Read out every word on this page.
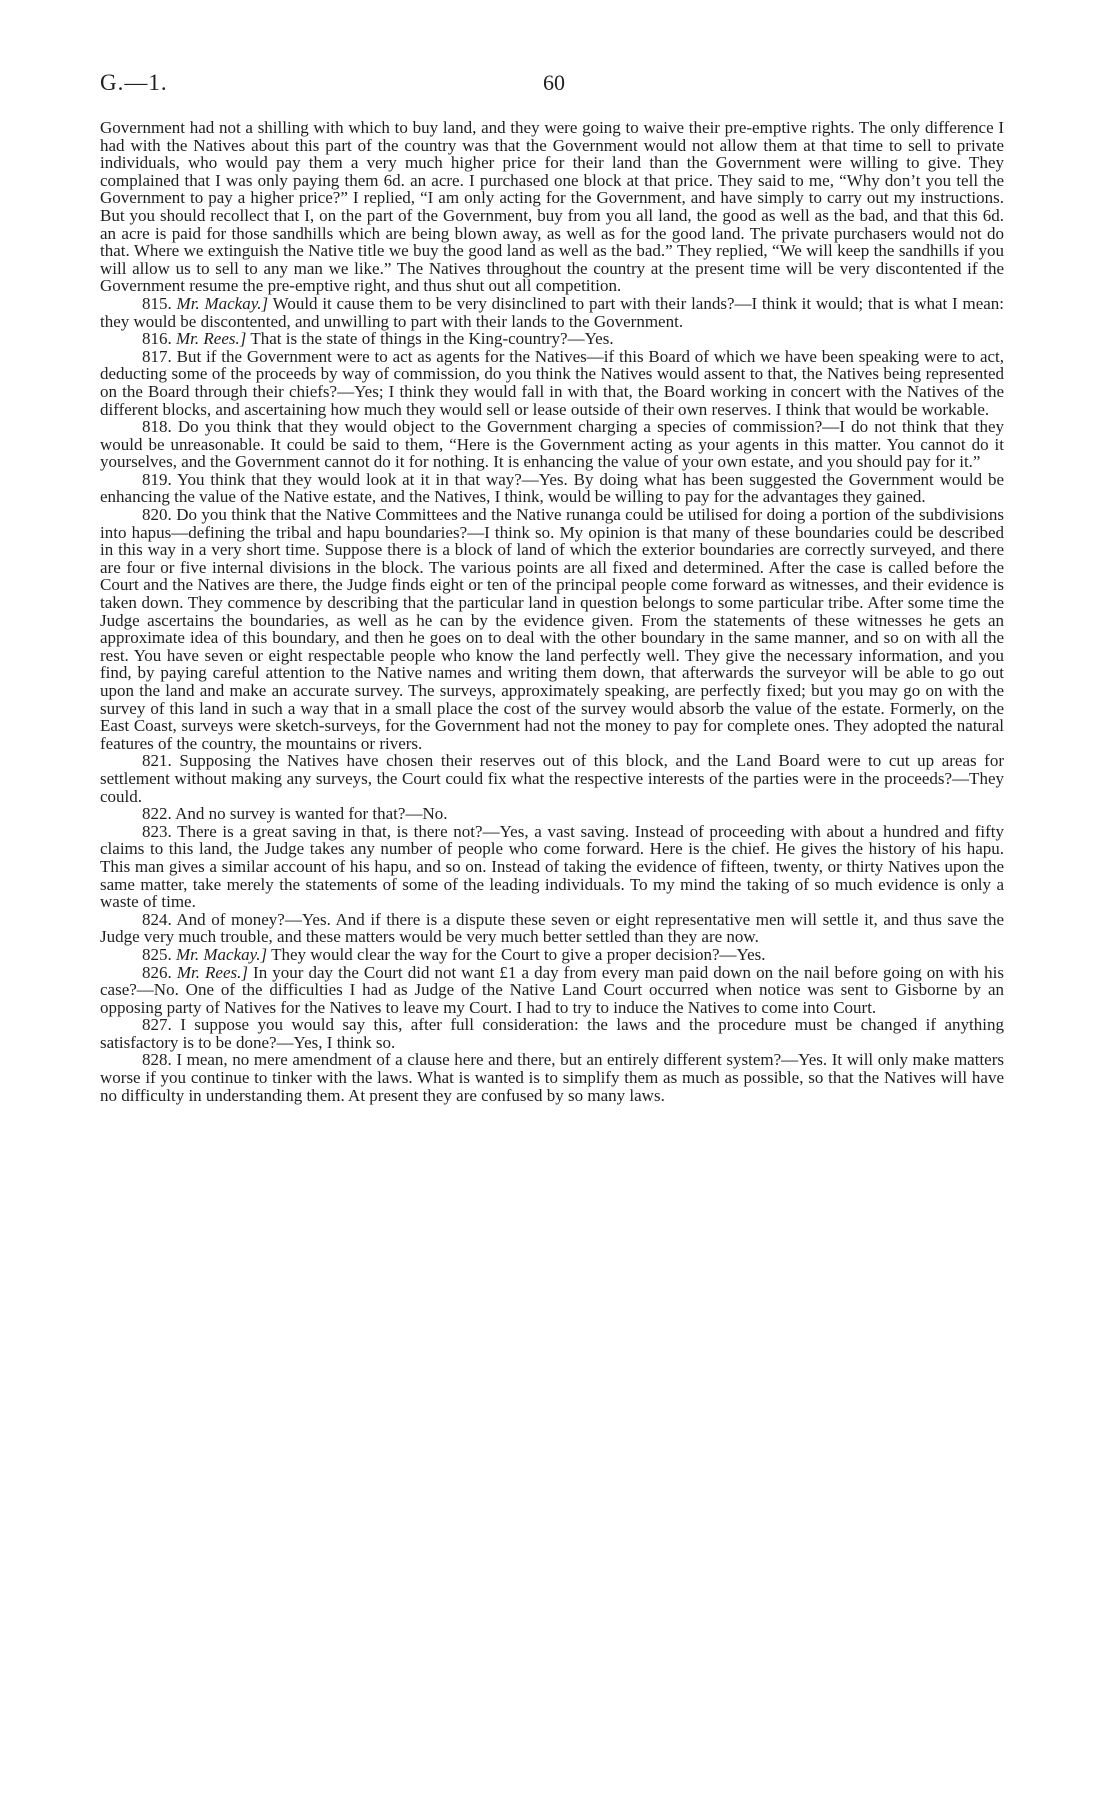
G.—1.	60

Government had not a shilling with which to buy land, and they were going to waive their pre-emptive rights. The only difference I had with the Natives about this part of the country was that the Government would not allow them at that time to sell to private individuals, who would pay them a very much higher price for their land than the Government were willing to give. They complained that I was only paying them 6d. an acre. I purchased one block at that price. They said to me, “Why don’t you tell the Government to pay a higher price?” I replied, “I am only acting for the Government, and have simply to carry out my instructions. But you should recollect that I, on the part of the Government, buy from you all land, the good as well as the bad, and that this 6d. an acre is paid for those sandhills which are being blown away, as well as for the good land. The private purchasers would not do that. Where we extinguish the Native title we buy the good land as well as the bad.” They replied, “We will keep the sandhills if you will allow us to sell to any man we like.” The Natives throughout the country at the present time will be very discontented if the Government resume the pre-emptive right, and thus shut out all competition.

815. Mr. Mackay.] Would it cause them to be very disinclined to part with their lands?—I think it would; that is what I mean: they would be discontented, and unwilling to part with their lands to the Government.

816. Mr. Rees.] That is the state of things in the King-country?—Yes.

817. But if the Government were to act as agents for the Natives—if this Board of which we have been speaking were to act, deducting some of the proceeds by way of commission, do you think the Natives would assent to that, the Natives being represented on the Board through their chiefs?—Yes; I think they would fall in with that, the Board working in concert with the Natives of the different blocks, and ascertaining how much they would sell or lease outside of their own reserves. I think that would be workable.

818. Do you think that they would object to the Government charging a species of commission?—I do not think that they would be unreasonable. It could be said to them, “Here is the Government acting as your agents in this matter. You cannot do it yourselves, and the Government cannot do it for nothing. It is enhancing the value of your own estate, and you should pay for it.”

819. You think that they would look at it in that way?—Yes. By doing what has been suggested the Government would be enhancing the value of the Native estate, and the Natives, I think, would be willing to pay for the advantages they gained.

820. Do you think that the Native Committees and the Native runanga could be utilised for doing a portion of the subdivisions into hapus—defining the tribal and hapu boundaries?—I think so. My opinion is that many of these boundaries could be described in this way in a very short time. Suppose there is a block of land of which the exterior boundaries are correctly surveyed, and there are four or five internal divisions in the block. The various points are all fixed and determined. After the case is called before the Court and the Natives are there, the Judge finds eight or ten of the principal people come forward as witnesses, and their evidence is taken down. They commence by describing that the particular land in question belongs to some particular tribe. After some time the Judge ascertains the boundaries, as well as he can by the evidence given. From the statements of these witnesses he gets an approximate idea of this boundary, and then he goes on to deal with the other boundary in the same manner, and so on with all the rest. You have seven or eight respectable people who know the land perfectly well. They give the necessary information, and you find, by paying careful attention to the Native names and writing them down, that afterwards the surveyor will be able to go out upon the land and make an accurate survey. The surveys, approximately speaking, are perfectly fixed; but you may go on with the survey of this land in such a way that in a small place the cost of the survey would absorb the value of the estate. Formerly, on the East Coast, surveys were sketch-surveys, for the Government had not the money to pay for complete ones. They adopted the natural features of the country, the mountains or rivers.

821. Supposing the Natives have chosen their reserves out of this block, and the Land Board were to cut up areas for settlement without making any surveys, the Court could fix what the respective interests of the parties were in the proceeds?—They could.

822. And no survey is wanted for that?—No.

823. There is a great saving in that, is there not?—Yes, a vast saving. Instead of proceeding with about a hundred and fifty claims to this land, the Judge takes any number of people who come forward. Here is the chief. He gives the history of his hapu. This man gives a similar account of his hapu, and so on. Instead of taking the evidence of fifteen, twenty, or thirty Natives upon the same matter, take merely the statements of some of the leading individuals. To my mind the taking of so much evidence is only a waste of time.

824. And of money?—Yes. And if there is a dispute these seven or eight representative men will settle it, and thus save the Judge very much trouble, and these matters would be very much better settled than they are now.

825. Mr. Mackay.] They would clear the way for the Court to give a proper decision?—Yes.

826. Mr. Rees.] In your day the Court did not want £1 a day from every man paid down on the nail before going on with his case?—No. One of the difficulties I had as Judge of the Native Land Court occurred when notice was sent to Gisborne by an opposing party of Natives for the Natives to leave my Court. I had to try to induce the Natives to come into Court.

827. I suppose you would say this, after full consideration: the laws and the procedure must be changed if anything satisfactory is to be done?—Yes, I think so.

828. I mean, no mere amendment of a clause here and there, but an entirely different system?—Yes. It will only make matters worse if you continue to tinker with the laws. What is wanted is to simplify them as much as possible, so that the Natives will have no difficulty in understanding them. At present they are confused by so many laws.
